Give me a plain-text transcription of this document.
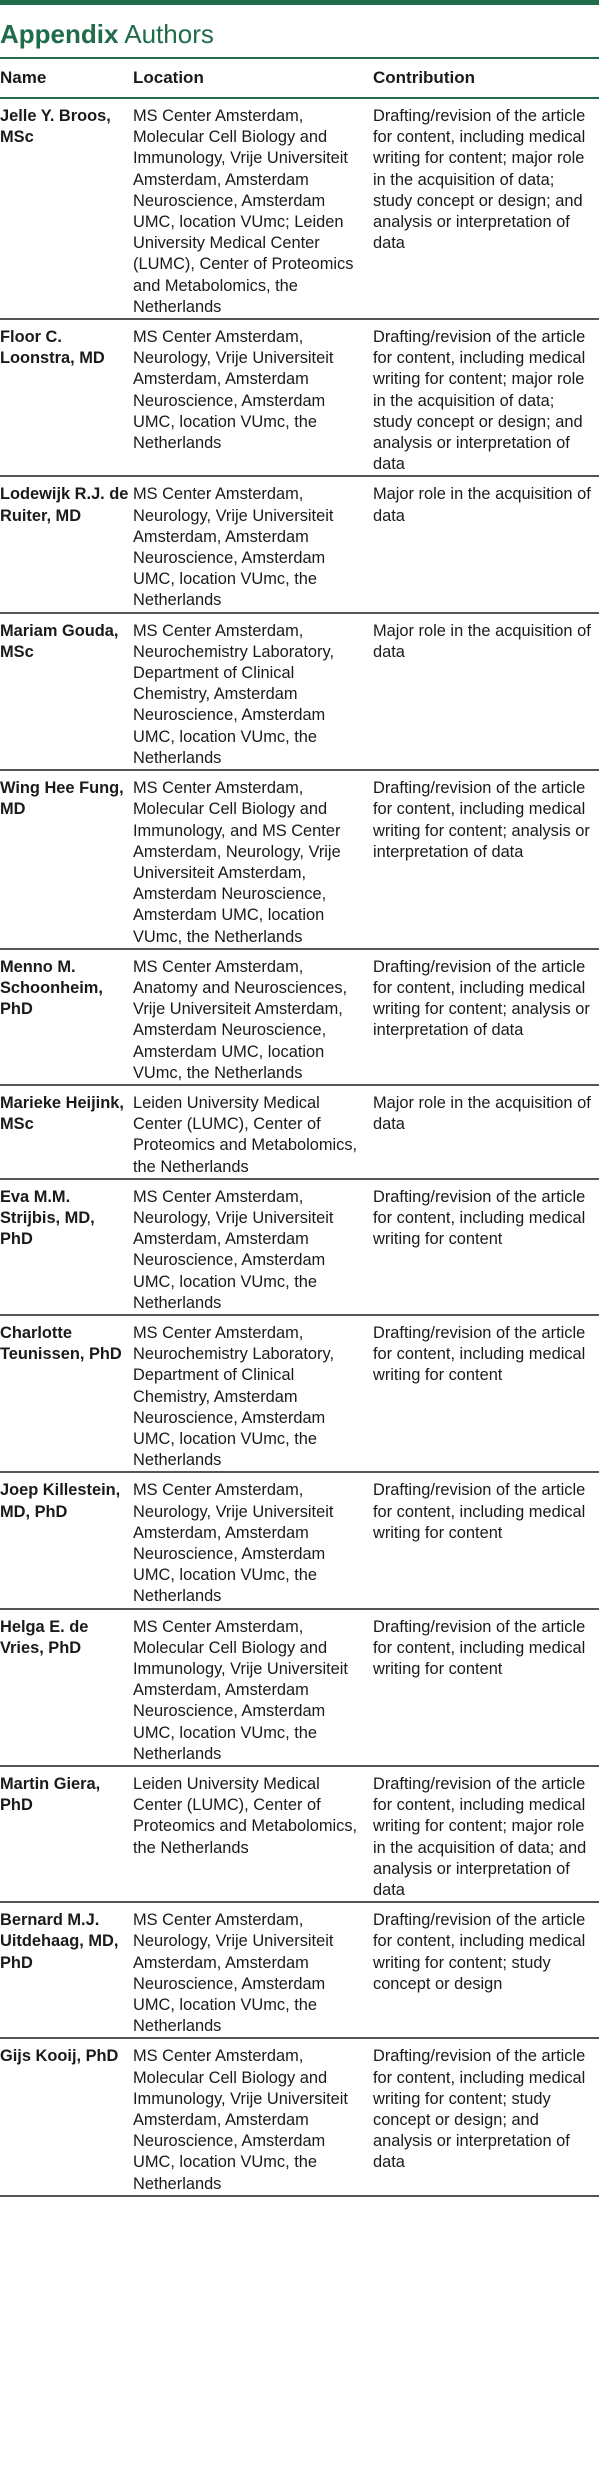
Appendix Authors
Name	Location	Contribution
Jelle Y. Broos, MSc	MS Center Amsterdam, Molecular Cell Biology and Immunology, Vrije Universiteit Amsterdam, Amsterdam Neuroscience, Amsterdam UMC, location VUmc; Leiden University Medical Center (LUMC), Center of Proteomics and Metabolomics, the Netherlands	Drafting/revision of the article for content, including medical writing for content; major role in the acquisition of data; study concept or design; and analysis or interpretation of data
Floor C. Loonstra, MD	MS Center Amsterdam, Neurology, Vrije Universiteit Amsterdam, Amsterdam Neuroscience, Amsterdam UMC, location VUmc, the Netherlands	Drafting/revision of the article for content, including medical writing for content; major role in the acquisition of data; study concept or design; and analysis or interpretation of data
Lodewijk R.J. de Ruiter, MD	MS Center Amsterdam, Neurology, Vrije Universiteit Amsterdam, Amsterdam Neuroscience, Amsterdam UMC, location VUmc, the Netherlands	Major role in the acquisition of data
Mariam Gouda, MSc	MS Center Amsterdam, Neurochemistry Laboratory, Department of Clinical Chemistry, Amsterdam Neuroscience, Amsterdam UMC, location VUmc, the Netherlands	Major role in the acquisition of data
Wing Hee Fung, MD	MS Center Amsterdam, Molecular Cell Biology and Immunology, and MS Center Amsterdam, Neurology, Vrije Universiteit Amsterdam, Amsterdam Neuroscience, Amsterdam UMC, location VUmc, the Netherlands	Drafting/revision of the article for content, including medical writing for content; analysis or interpretation of data
Menno M. Schoonheim, PhD	MS Center Amsterdam, Anatomy and Neurosciences, Vrije Universiteit Amsterdam, Amsterdam Neuroscience, Amsterdam UMC, location VUmc, the Netherlands	Drafting/revision of the article for content, including medical writing for content; analysis or interpretation of data
Marieke Heijink, MSc	Leiden University Medical Center (LUMC), Center of Proteomics and Metabolomics, the Netherlands	Major role in the acquisition of data
Eva M.M. Strijbis, MD, PhD	MS Center Amsterdam, Neurology, Vrije Universiteit Amsterdam, Amsterdam Neuroscience, Amsterdam UMC, location VUmc, the Netherlands	Drafting/revision of the article for content, including medical writing for content
Charlotte Teunissen, PhD	MS Center Amsterdam, Neurochemistry Laboratory, Department of Clinical Chemistry, Amsterdam Neuroscience, Amsterdam UMC, location VUmc, the Netherlands	Drafting/revision of the article for content, including medical writing for content
Joep Killestein, MD, PhD	MS Center Amsterdam, Neurology, Vrije Universiteit Amsterdam, Amsterdam Neuroscience, Amsterdam UMC, location VUmc, the Netherlands	Drafting/revision of the article for content, including medical writing for content
Helga E. de Vries, PhD	MS Center Amsterdam, Molecular Cell Biology and Immunology, Vrije Universiteit Amsterdam, Amsterdam Neuroscience, Amsterdam UMC, location VUmc, the Netherlands	Drafting/revision of the article for content, including medical writing for content
Martin Giera, PhD	Leiden University Medical Center (LUMC), Center of Proteomics and Metabolomics, the Netherlands	Drafting/revision of the article for content, including medical writing for content; major role in the acquisition of data; and analysis or interpretation of data
Bernard M.J. Uitdehaag, MD, PhD	MS Center Amsterdam, Neurology, Vrije Universiteit Amsterdam, Amsterdam Neuroscience, Amsterdam UMC, location VUmc, the Netherlands	Drafting/revision of the article for content, including medical writing for content; study concept or design
Gijs Kooij, PhD	MS Center Amsterdam, Molecular Cell Biology and Immunology, Vrije Universiteit Amsterdam, Amsterdam Neuroscience, Amsterdam UMC, location VUmc, the Netherlands	Drafting/revision of the article for content, including medical writing for content; study concept or design; and analysis or interpretation of data
